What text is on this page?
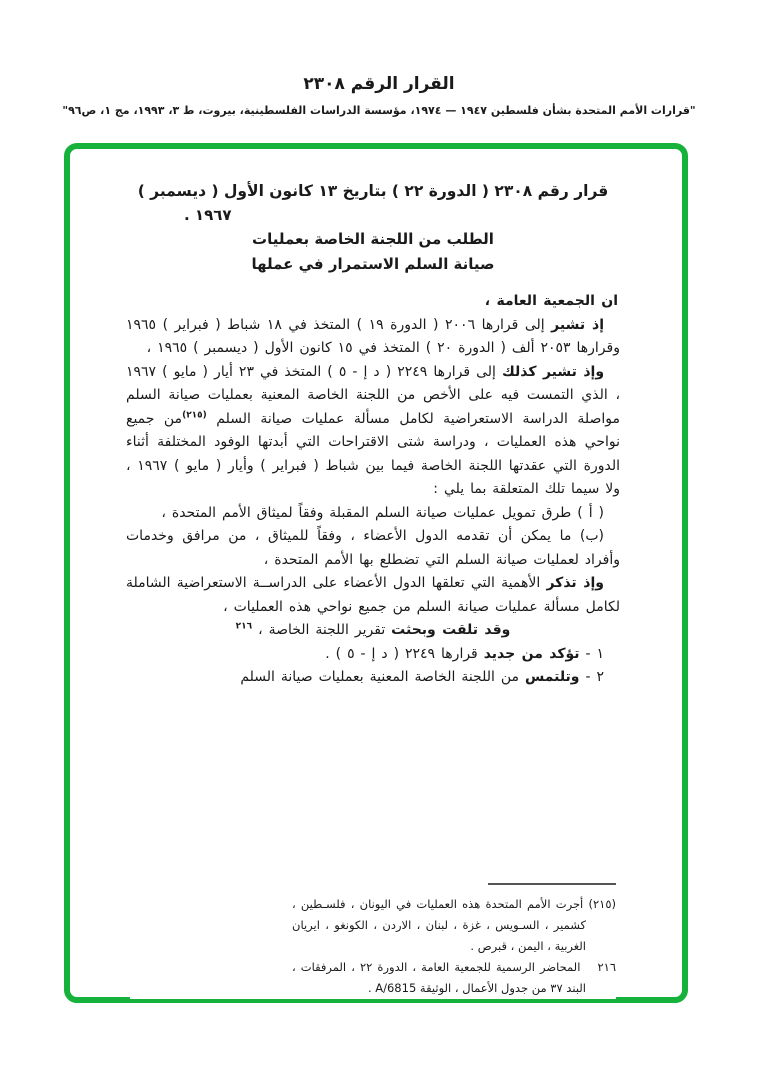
القرار الرقم ٢٣٠٨
"قرارات الأمم المتحدة بشأن فلسطين ١٩٤٧ — ١٩٧٤، مؤسسة الدراسات الفلسطينية، بيروت، ط ٣، ١٩٩٣، مج ١، ص٩٦"
قرار رقم ٢٣٠٨ ( الدورة ٢٢ ) بتاريخ ١٣ كانون الأول ( ديسمبر )
١٩٦٧ .
الطلب من اللجنة الخاصة بعمليات
صيانة السلم الاستمرار في عملها

ان الجمعية العامة ،

إذ تشير إلى قرارها ٢٠٠٦ ( الدورة ١٩ ) المتخذ في ١٨ شباط ( فبراير ) ١٩٦٥ وقرارها ٢٠٥٣ ألف ( الدورة ٢٠ ) المتخذ في ١٥ كانون الأول ( ديسمبر ) ١٩٦٥ ،

وإذ تشير كذلك إلى قرارها ٢٢٤٩ ( د إ - ٥ ) المتخذ في ٢٣ أيار ( مايو ) ١٩٦٧ ، الذي التمست فيه على الأخص من اللجنة الخاصة المعنية بعمليات صيانة السلم مواصلة الدراسة الاستعراضية لكامل مسألة عمليات صيانة السلم $^{(٢١٥)}$من جميع نواحي هذه العمليات ، ودراسة شتى الاقتراحات التي أبدتها الوفود المختلفة أثناء الدورة التي عقدتها اللجنة الخاصة فيما بين شباط ( فبراير ) وأيار ( مايو ) ١٩٦٧ ، ولا سيما تلك المتعلقة بما يلي :

( أ ) طرق تمويل عمليات صيانة السلم المقبلة وفقاً لميثاق الأمم المتحدة ،

(ب) ما يمكن أن تقدمه الدول الأعضاء ، وفقاً للميثاق ، من مرافق وخدمات وأفراد لعمليات صيانة السلم التي تضطلع بها الأمم المتحدة ،

وإذ تذكر الأهمية التي تعلقها الدول الأعضاء على الدراســة الاستعراضية الشاملة لكامل مسألة عمليات صيانة السلم من جميع نواحي هذه العمليات ،

وقد تلقت وبحثت تقرير اللجنة الخاصة ، $^{٢١٦}$

١ - تؤكد من جديد قرارها ٢٢٤٩ ( د إ - ٥ ) .

٢ - وتلتمس من اللجنة الخاصة المعنية بعمليات صيانة السلم

(٢١٥) أجرت الأمم المتحدة هذه العمليات في اليونان ، فلسـطين ، كشمير ، السـويس ، غزة ، لبنان ، الاردن ، الكونغو ، ايريان الغربية ، اليمن ، قبرص .

٢١٦ المحاضر الرسمية للجمعية العامة ، الدورة ٢٢ ، المرفقات ، البند ٣٧ من جدول الأعمال ، الوثيقة A/6815 .
